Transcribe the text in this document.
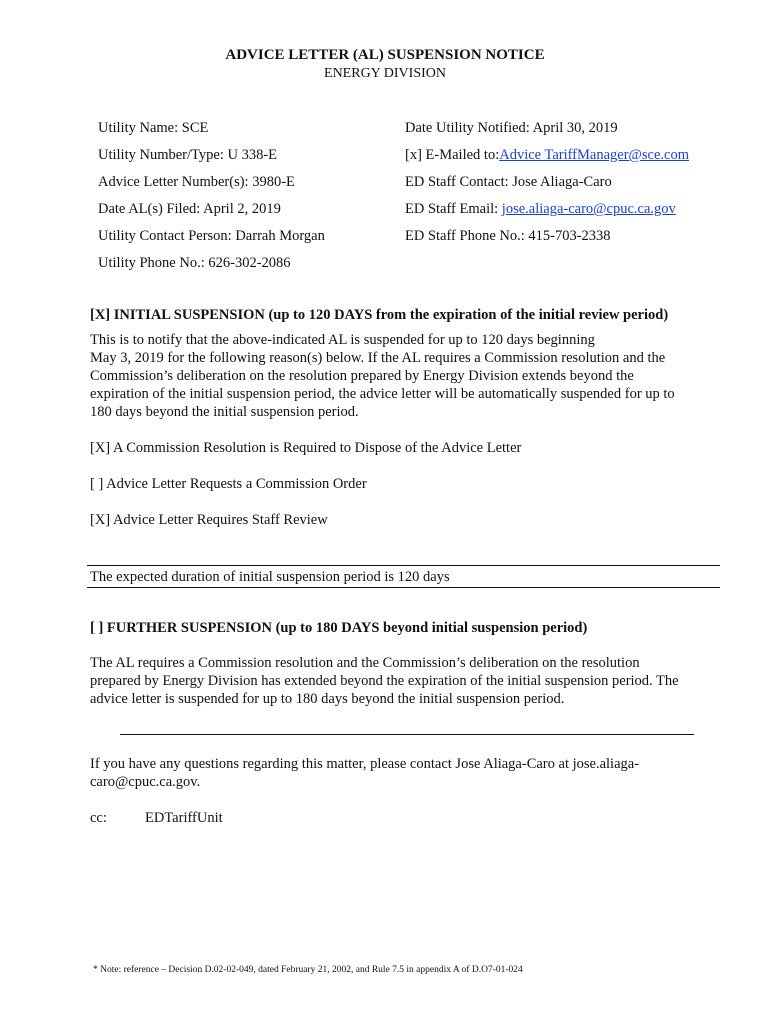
ADVICE LETTER (AL) SUSPENSION NOTICE
ENERGY DIVISION
Utility Name: SCE
Utility Number/Type: U 338-E
Advice Letter Number(s): 3980-E
Date AL(s) Filed: April 2, 2019
Utility Contact Person: Darrah Morgan
Utility Phone No.: 626-302-2086
Date Utility Notified: April 30, 2019
[x] E-Mailed to:Advice TariffManager@sce.com
ED Staff Contact: Jose Aliaga-Caro
ED Staff Email: jose.aliaga-caro@cpuc.ca.gov
ED Staff Phone No.: 415-703-2338
[X] INITIAL SUSPENSION (up to 120 DAYS from the expiration of the initial review period)
This is to notify that the above-indicated AL is suspended for up to 120 days beginning
May 3, 2019 for the following reason(s) below. If the AL requires a Commission resolution and the
Commission’s deliberation on the resolution prepared by Energy Division extends beyond the
expiration of the initial suspension period, the advice letter will be automatically suspended for up to
180 days beyond the initial suspension period.
[X] A Commission Resolution is Required to Dispose of the Advice Letter
[ ] Advice Letter Requests a Commission Order
[X] Advice Letter Requires Staff Review
The expected duration of initial suspension period is 120 days
[ ] FURTHER SUSPENSION (up to 180 DAYS beyond initial suspension period)
The AL requires a Commission resolution and the Commission’s deliberation on the resolution
prepared by Energy Division has extended beyond the expiration of the initial suspension period. The
advice letter is suspended for up to 180 days beyond the initial suspension period.
If you have any questions regarding this matter, please contact Jose Aliaga-Caro at jose.aliaga-
caro@cpuc.ca.gov.
cc:	EDTariffUnit
* Note: reference – Decision D.02-02-049, dated February 21, 2002, and Rule 7.5 in appendix A of D.O7-01-024
